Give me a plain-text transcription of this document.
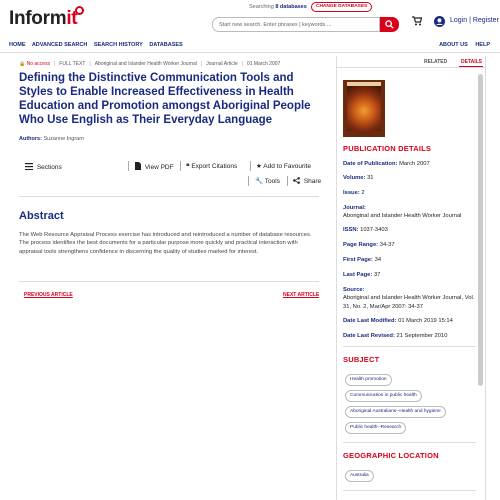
Informit
Searching 8 databases	CHANGE DATABASES
Start new search. Enter phrases | keywords ...
Login | Register
HOME ADVANCED SEARCH SEARCH HISTORY DATABASES	ABOUT US HELP
🔒 No access | FULL TEXT | Aboriginal and Islander Health Worker Journal | Journal Article | 01 March 2007
Defining the Distinctive Communication Tools and Styles to Enable Increased Effectiveness in Health Education and Promotion amongst Aboriginal People Who Use English as Their Everyday Language
Authors: Suzanne Ingram
Sections	View PDF ❝ Export Citations	★ Add to Favourite
🔧 Tools	Share
Abstract
The Web Resource Appraisal Process exercise has introduced and reintroduced a number of database resources. The process identifies the best documents for a particular purpose more quickly and practical interaction with appraisal tools strengthens confidence in discerning the quality of studies marked for interest.
PREVIOUS ARTICLE	NEXT ARTICLE
RELATED	DETAILS
PUBLICATION DETAILS
Date of Publication: March 2007
Volume: 31
Issue: 2
Journal:
Aboriginal and Islander Health Worker Journal
ISSN: 1037-3403
Page Range: 34-37
First Page: 34
Last Page: 37
Source:
Aboriginal and Islander Health Worker Journal, Vol. 31, No. 2, Mar/Apr 2007: 34-37
Date Last Modified: 01 March 2019 15:14
Date Last Revised: 21 September 2010
SUBJECT
Health promotion
Communication in public health
Aboriginal Australians--Health and hygiene
Public health--Research
GEOGRAPHIC LOCATION
Australia
